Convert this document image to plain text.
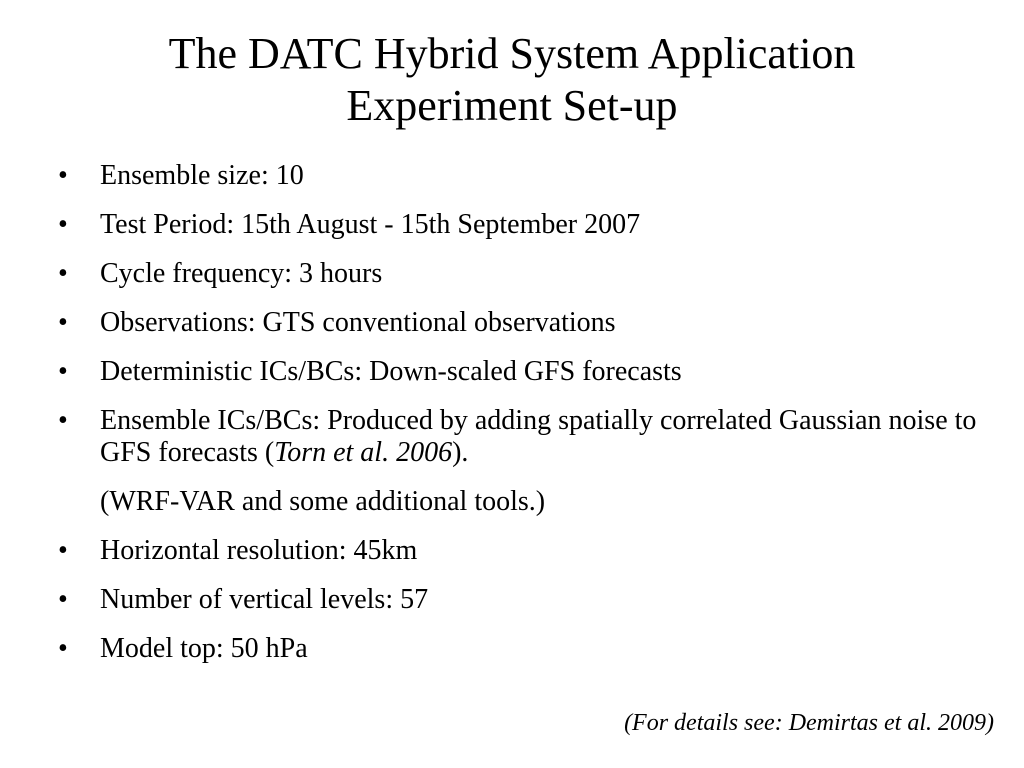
The DATC Hybrid System Application
Experiment Set-up
•	Ensemble size: 10
•	Test Period: 15th August - 15th September 2007
•	Cycle frequency: 3 hours
•	Observations: GTS conventional observations
•	Deterministic ICs/BCs: Down-scaled GFS forecasts
•	Ensemble ICs/BCs: Produced by adding spatially correlated Gaussian noise to GFS forecasts (Torn et al. 2006).
(WRF-VAR and some additional tools.)
•	Horizontal resolution: 45km
•	Number of vertical levels: 57
•	Model top: 50 hPa
(For details see: Demirtas et al. 2009)
